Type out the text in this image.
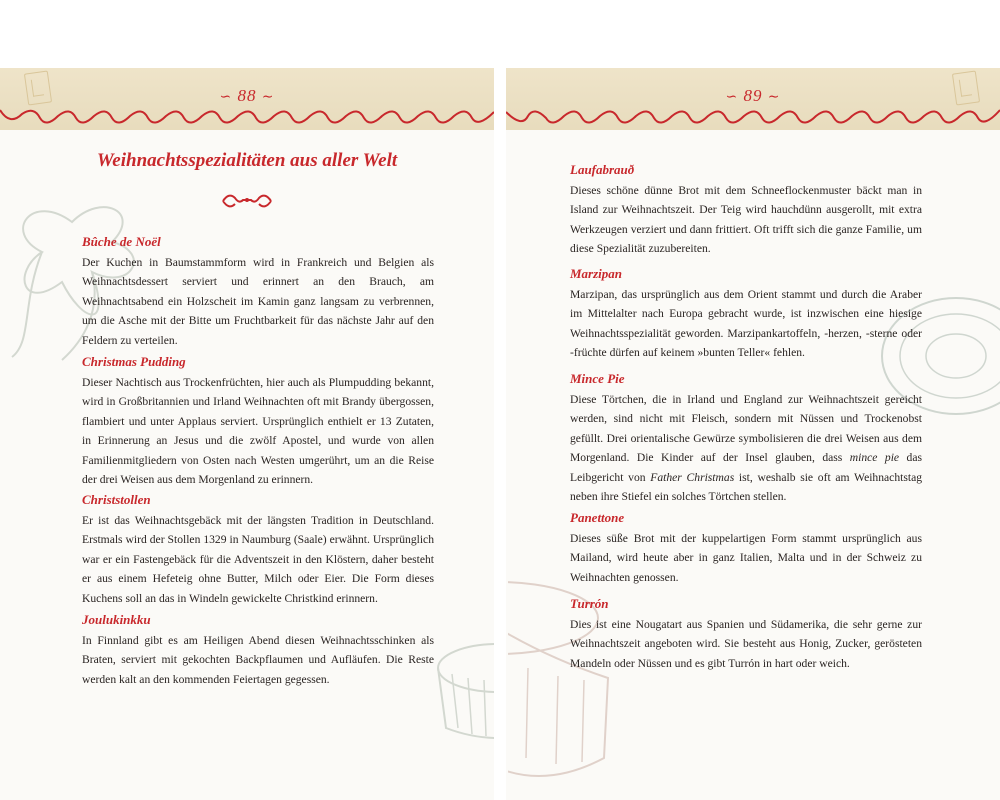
∽ 88 ∼
Weihnachtsspezialitäten aus aller Welt
Bûche de Noël

Der Kuchen in Baumstammform wird in Frankreich und Belgien als Weihnachtsdessert serviert und erinnert an den Brauch, am Weihnachtsabend ein Holzscheit im Kamin ganz langsam zu verbrennen, um die Asche mit der Bitte um Fruchtbarkeit für das nächste Jahr auf den Feldern zu verteilen.

Christmas Pudding

Dieser Nachtisch aus Trockenfrüchten, hier auch als Plumpudding bekannt, wird in Großbritannien und Irland Weihnachten oft mit Brandy übergossen, flambiert und unter Applaus serviert. Ursprünglich enthielt er 13 Zutaten, in Erinnerung an Jesus und die zwölf Apostel, und wurde von allen Familienmitgliedern von Osten nach Westen umgerührt, um an die Reise der drei Weisen aus dem Morgenland zu erinnern.

Christstollen

Er ist das Weihnachtsgebäck mit der längsten Tradition in Deutschland. Erstmals wird der Stollen 1329 in Naumburg (Saale) erwähnt. Ursprünglich war er ein Fastengebäck für die Adventszeit in den Klöstern, daher besteht er aus einem Hefeteig ohne Butter, Milch oder Eier. Die Form dieses Kuchens soll an das in Windeln gewickelte Christkind erinnern.

Joulukinkku

In Finnland gibt es am Heiligen Abend diesen Weihnachtsschinken als Braten, serviert mit gekochten Backpflaumen und Aufläufen. Die Reste werden kalt an den kommenden Feiertagen gegessen.

∽ 89 ∼
Laufabrauð

Dieses schöne dünne Brot mit dem Schneeflockenmuster bäckt man in Island zur Weihnachtszeit. Der Teig wird hauchdünn ausgerollt, mit extra Werkzeugen verziert und dann frittiert. Oft trifft sich die ganze Familie, um diese Spezialität zuzubereiten.

Marzipan

Marzipan, das ursprünglich aus dem Orient stammt und durch die Araber im Mittelalter nach Europa gebracht wurde, ist inzwischen eine hiesige Weihnachtsspezialität geworden. Marzipankartoffeln, -herzen, -sterne oder -früchte dürfen auf keinem »bunten Teller« fehlen.

Mince Pie

Diese Törtchen, die in Irland und England zur Weihnachtszeit gereicht werden, sind nicht mit Fleisch, sondern mit Nüssen und Trockenobst gefüllt. Drei orientalische Gewürze symbolisieren die drei Weisen aus dem Morgenland. Die Kinder auf der Insel glauben, dass mince pie das Leibgericht von Father Christmas ist, weshalb sie oft am Weihnachtstag neben ihre Stiefel ein solches Törtchen stellen.

Panettone

Dieses süße Brot mit der kuppelartigen Form stammt ursprünglich aus Mailand, wird heute aber in ganz Italien, Malta und in der Schweiz zu Weihnachten genossen.

Turrón

Dies ist eine Nougatart aus Spanien und Südamerika, die sehr gerne zur Weihnachtszeit angeboten wird. Sie besteht aus Honig, Zucker, gerösteten Mandeln oder Nüssen und es gibt Turrón in hart oder weich.
